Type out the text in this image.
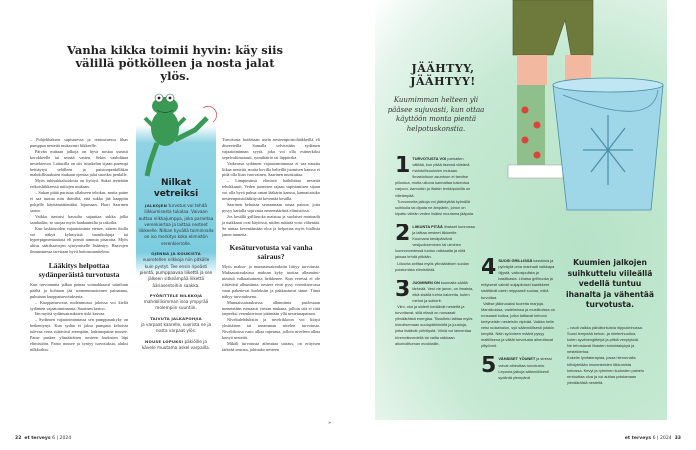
Vanha kikka toimii hyvin: käy siis välillä pötkölleen ja nosta jalat ylös.
Nilkat vetreiksi

JALKOJEN turvotus voi tehdä liikkumisesta tukalaa. Vaivaan auttaa nilkkajumppa, joka parantaa verenkiertoa ja laittaa nesteet liikkeelle. Nilkan hyvällä toiminnalla on iso merkitys koko elimistön verenkierrolle.

OJENNA JA KOUKISTA
vuorotellen nilkkoja niin pitkälle kuin pystyt. Tee ensin ripeästi pientä, pumppaavaa liikettä ja sen jälkeen sitkeämpää liikettä ääriasentoihin saakka.

PYÖRITTELE NILKKOJA
mahdollisimman isoa ympyrää molempiin suuntiin.

TAIVUTA JALKAPOHJIA
ja varpaat kaarelle, suorista ne ja nosta varpaat ylös.

NOUSE LOPUKSI päkiöille ja kävele muutama askel varpailla.

– Pohjelihaksen supistuessa ja rentoutuessa lihas pumppaa nesteitä mukavasti liikkeelle.

Päivän mittaan jalkoja on hyvä nostaa useasti korokkeelle tai seinää vasten. Sekin vauhdittaa nestekiertoa. Laiturilla on siis istuskelun sijaan parempi heittäytyä selälleen ja puistonpenkilläkin mahdollisuuksien mukaan ojentaa jalat suoriksi penkille.

Myös tukisukkahoidosta on hyötyä. Sukat teetetään erikoisliikkeessä mittojen mukaan.

– Sukan pitää puristaa ollakseen tehokas, mutta paine ei saa tuntua niin ikävältä, että sukka jää kaappiin pohjelle käyttämättömäksi lojumaan, Harri Saarinen sanoo.

Vaikka tuntuisi hassulta sujauttaa sukka jalka sandaaliin, se suojaa myös hankaumilta ja rakoilta.

Kun laskimoiden vajaatoiminta etenee, säären iholla voi näkyä kyhmyisiä suonikohjuja tai hyperpigmentaatiota eli pieniä tummia pisaroita. Myös altius säärihaavojen syntymiselle lisääntyy. Haavojen ilmaantuessa tarvitaan hyvä hoitosuunnitelma.

Lääkitys helpottaa sydänperäistä turvotusta

Kun turvonnutta jalkaa painaa voimakkaasti sääriluun päältä ja kohtaan jää sormenmuotoinen painauma, puhutaan kuoppaturvotuksesta.

– Kuoppaturvotus molemmissa jaloissa voi kieliä sydämen vajaatoiminnasta, Saarinen kertoo.

Iän myötä sydänsairauksien riski kasvaa.

– Sydämen vajaatoiminnassa sen pumppauskyky on heikentynyt. Kun sydän ei jaksa pumpata kehoista tulevaa verta riittävästi eteenpäin, laskimopaine nousee. Paine puskee ylimääräisen nesteen kudosten läpi elimistöön. Paino nousee ja syntyy turvotuksia, aluksi nilkkoihin.

Turvotusta hoidetaan usein nesteenpoistolääkkeillä eli diureeteilla. Samalla selvitetään sydämen vajaatoiminnan syytä, joka voi olla esimerkiksi sepelvaltimotauti, rytmihäiriö tai läppävika.

Vaikeassa sydämen vajaatoiminnassa ei saa nauttia liikaa nesteitä, mutta kovilla helteillä juomisen kanssa ei pidä olla liian varovainen, Saarinen muistuttaa.

– Lämpimässä elimistö haihduttaa nesteitä tehokkaasti. Veden juomisen rajaan supistamisen sijaan voi olla hyvä puhua oman lääkärin kanssa, kannattaisiko nesteenpoistolääkitystä keventää kesällä.

Saarinen kehottaa seuraamaan omaa painoa, jotta pysyy kartalla sopivasta nestemäärästä elimistössä.

Jos kesällä grilliruoka maistuu ja suolaiset marinadit ja makkarat ovat käytössä, niiden määrää voisi vähentää. Se auttaa keventämään oloa ja helpottaa myös liiallista janon tunnetta.

Kesäturvotusta vai vanha sairaus?

Myös maksa- ja munuaissairauksiin liittyy turvotusta. Maksasairauksissa maksan kyky tuottaa albumiini-nimistä valkuaisainetta heikkenee. Kun veressä ei ole riittävästi albumiinia, nesteet eivät pysy verenkierrossa vaan pakenevat kudoksiin ja pakkautuvat sinne. Tämä näkyy turvotuksena.

Munuaissairauksissa albumiinia puolestaan menetetään runsaasti virtsan mukana, jolloin sitä ei riitä tarpeeksi verenkiertoon pitämään yllä nestetasapainoa.

Niveltulehduksiin ja nivelrikkoon voi liittyä yksittäisen tai useamman nivelen turvotusta. Nivelrikossa rusto alkaa rapeutua, jolloin niveleen alkaa kertyä nestettä.

Mikäli turvotusta aiheuttaa sairaus, on erityisen tärkeää seurata, johtuuko nesteen

»
22 et terveys 6 | 2024
JÄÄHTYY, JÄÄHTYY!

Kuumimman helteen yli pääsee sujuvasti, kun ottaa käyttöön monta pientä helpotuskonstia.

1 TURVOTUSTA VOI parhaiten välttää, kun pitää itsensä viileänä mahdollisuuksien mukaan. Ilmastoituun asuntoon ei tarvitse piiloutua, mutta ulkona kannattaa hakeutua varjoon. Aamuisin ja iltaisin lenkkipoluilla on viileämpää.
Turvonneita jalkoja voi jäähdyttää kylmällä suihkulla tai dipata ne ämpäriin, johon on kipattu viileän veden lisäksi muutama jääpala.
2 LIIKUNTA PITÄÄ lihakset kunnossa ja laittaa nesteet liikkeelle. Kuumana kesäpäivänä vesijuokseminen tai uiminen luonnonvedessä tuntuu raikkaalta ja niitä jaksaa tehdä pitkään.
Liikunta avittaa myös ylimääräisen suolan poistumista elimistöstä.
3 JUOMINEN ON kuumalla säällä tärkeää. Vesi vie janon, on ilmaista, eikä sisällä turhia kaloreita, kuten mehut ja soikerit.
Viini, olut ja siiderit keräävät nestettä ja turvottavat, sillä niissä on runsaasti ylimääräistä energiaa. Tissuttelu laittaa myös himoitsemaan suolapähkinöitä ja juustoja, jotka lisäävät pöhötystä. Viiniä voi laimentaa kivennäisvedellä tai valita raikkaan alkoholittoman mocktailin.
4 SUOSI GRILLISSÄ kasviksia ja pyöräytä oma marinadi vaikkapa öljystä, valkosipulista ja basilikasta. Lihaisa grilliruoka ja erityisesti valmiit soijapitoiset kastikkeet sisältävät usein reippaasti suolaa, mikä turvottaa.
Valitse jälkiruoaksi tuoreita marjoja. Mansikoissa, vadelmissa ja mustikoissa on runsaasti kuitua, jotka laittavat kehoon kertyneisiin nesteisiin vipinää. Vaikka helle veisi ruokahalun, syö säännöllisesti jotakin kevyttä. Näin syömisen määrä pysyy maltillisena ja vältät turvotusta aiheuttavat ylilyönnit.
5 VÄHÄISET YÖUNET ja stressi voivat aiheuttaa turvotusta. Lepuuta jalkoja säännöllisesti sydäntä ylempänä

Kuumien jalkojen suihkuttelu viileällä vedellä tuntuu ihanalta ja vähentää turvotusta.

– nauti vaikka päivätorkuista riippukeinussa.

Suosi lempeää kehon- ja mielenhuoltoa, kuten syvähengittelyä ja pitkiä venytyksiä. Ne tehostavat lihasten toimintakykyä ja nestekiertoa.

Kokeile lymfaterapiaa, jossa hieronnalla kiihdytetään imunesteiden liikkumista kehossa. Kevyt ja rytminen kudosten painelu rentouttaa oloa ja voi auttaa poistamaan ylimääräisiä nesteitä.

et terveys 6 | 2024 33
